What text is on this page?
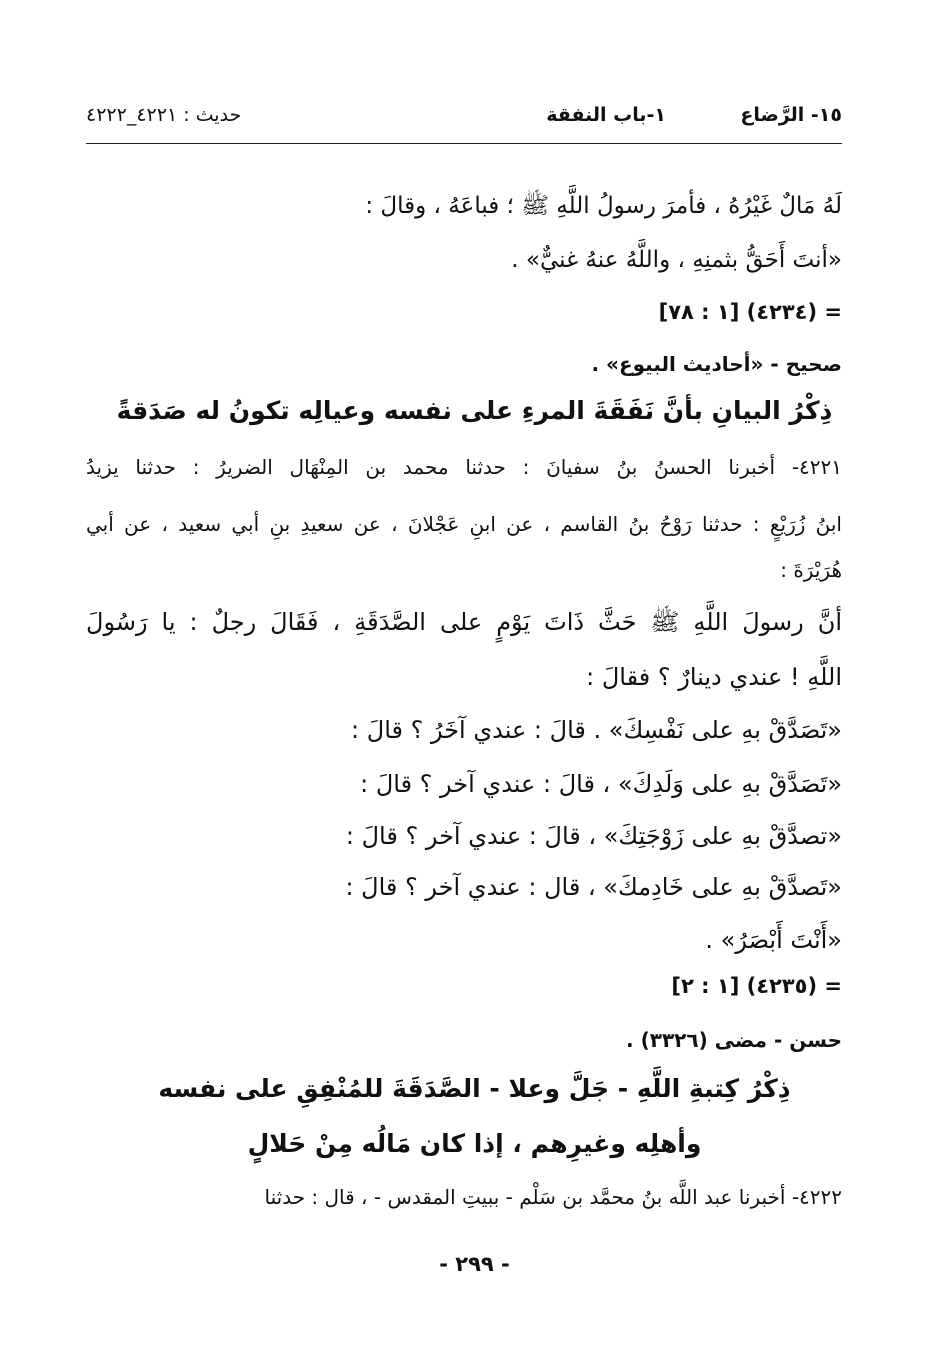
١٥- الرَّضاع
١-باب النفقة
حديث : ٤٢٢١_٤٢٢٢
لَهُ مَالٌ غَيْرُهُ ، فأمرَ رسولُ اللَّهِ ﷺ ؛ فباعَهُ ، وقالَ :
«أنتَ أَحَقُّ بثمنِهِ ، واللَّهُ عنهُ غنيٌّ» .
= (٤٢٣٤) [١ : ٧٨]
صحيح - «أحاديث البيوع» .
ذِكْرُ البيانِ بأنَّ نَفَقَةَ المرءِ على نفسه وعيالِه تكونُ له صَدَقةً
٤٢٢١- أخبرنا الحسنُ بنُ سفيانَ : حدثنا محمد بن المِنْهَال الضريرُ : حدثنا يزيدُ
ابنُ زُرَيْعٍ : حدثنا رَوْحُ بنُ القاسم ، عن ابنِ عَجْلانَ ، عن سعيدِ بنِ أبي سعيد ، عن أبي
هُرَيْرَةَ :
أنَّ رسولَ اللَّهِ ﷺ حَثَّ ذَاتَ يَوْمٍ على الصَّدَقَةِ ، فَقَالَ رجلٌ : يا رَسُولَ
اللَّهِ ! عندي دينارٌ ؟ فقالَ :
«تَصَدَّقْ بهِ على نَفْسِكَ» . قالَ : عندي آخَرُ ؟ قالَ :
«تَصَدَّقْ بهِ على وَلَدِكَ» ، قالَ : عندي آخر ؟ قالَ :
«تصدَّقْ بهِ على زَوْجَتِكَ» ، قالَ : عندي آخر ؟ قالَ :
«تَصدَّقْ بهِ على خَادِمكَ» ، قال : عندي آخر ؟ قالَ :
«أَنْتَ أَبْصَرُ» .
= (٤٢٣٥) [١ : ٢]
حسن - مضى (٣٣٢٦) .
ذِكْرُ كِتبةِ اللَّهِ - جَلَّ وعلا - الصَّدَقَةَ للمُنْفِقِ على نفسه
وأهلِه وغيرِهم ، إذا كان مَالُه مِنْ حَلالٍ
٤٢٢٢- أخبرنا عبد اللَّه بنُ محمَّد بن سَلْم - ببيتِ المقدس - ، قال : حدثنا
- ٢٩٩ -
